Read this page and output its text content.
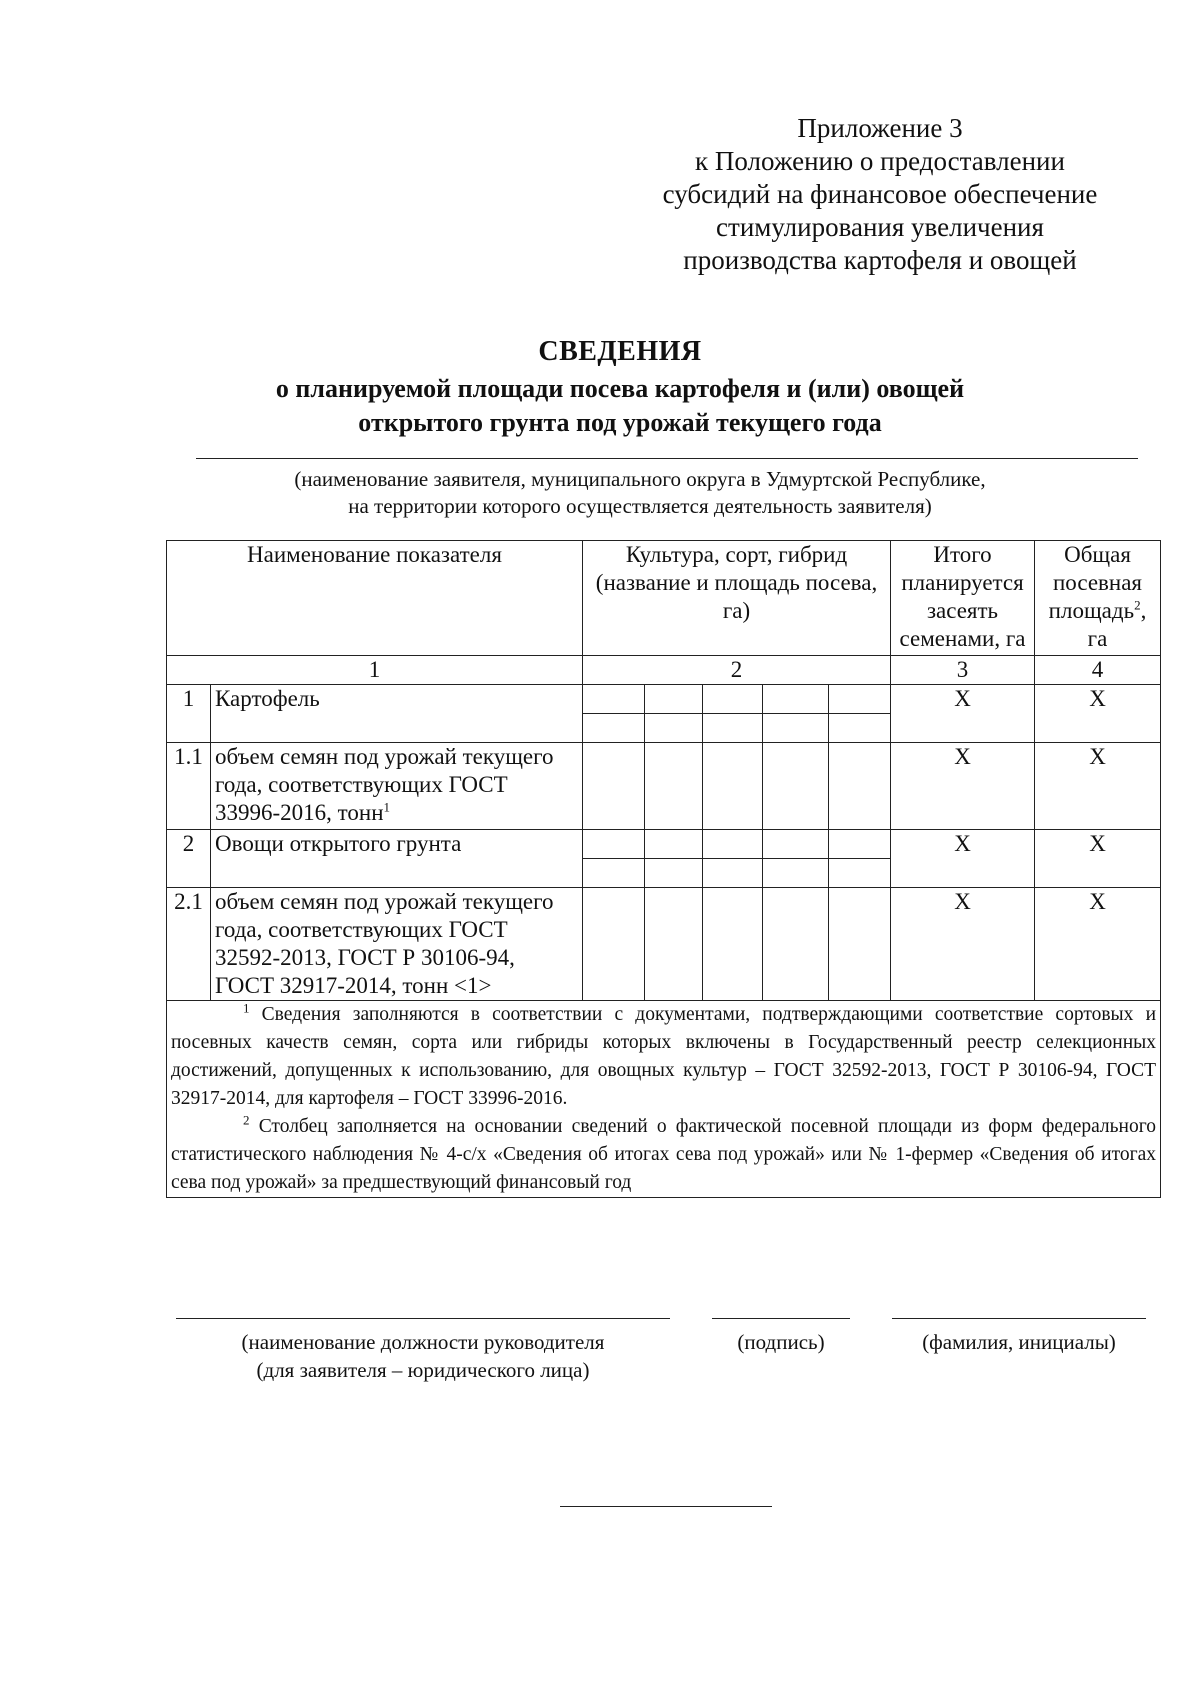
Приложение 3
к Положению о предоставлении
субсидий на финансовое обеспечение
стимулирования увеличения
производства картофеля и овощей
СВЕДЕНИЯ
о планируемой площади посева картофеля и (или) овощей
открытого грунта под урожай текущего года
(наименование заявителя, муниципального округа в Удмуртской Республике,
на территории которого осуществляется деятельность заявителя)
Наименование показателя		Культура, сорт, гибрид (название и площадь посева, га)					Итого планируется засеять семенами, га	Общая посевная площадь$^2$, га
1		2					3	4
1	Картофель						X	X

1.1	объем семян под урожай текущего года, соответствующих ГОСТ 33996-2016, тонн$^1$						X	X
2	Овощи открытого грунта						X	X

2.1	объем семян под урожай текущего года, соответствующих ГОСТ 32592-2013, ГОСТ Р 30106-94, ГОСТ 32917-2014, тонн <1>						X	X

$^1$ Сведения заполняются в соответствии с документами, подтверждающими соответствие сортовых и посевных качеств семян, сорта или гибриды которых включены в Государственный реестр селекционных достижений, допущенных к использованию, для овощных культур – ГОСТ 32592-2013, ГОСТ Р 30106-94, ГОСТ 32917-2014, для картофеля – ГОСТ 33996-2016.

$^2$ Столбец заполняется на основании сведений о фактической посевной площади из форм федерального статистического наблюдения № 4-с/х «Сведения об итогах сева под урожай» или № 1-фермер «Сведения об итогах сева под урожай» за предшествующий финансовый год								

(наименование должности руководителя
(для заявителя – юридического лица)
(подпись)	(фамилия, инициалы)
